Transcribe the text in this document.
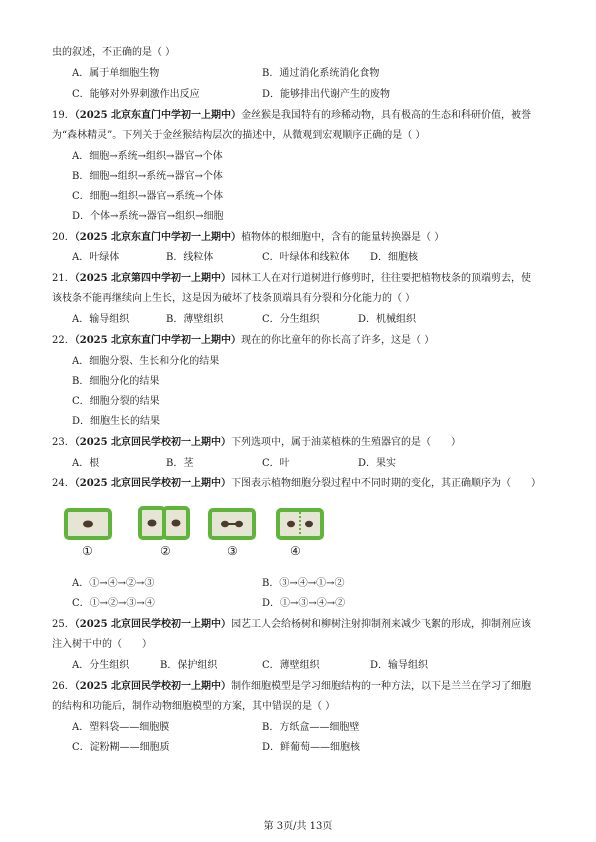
虫的叙述，不正确的是（ ）
A．属于单细胞生物	B．通过消化系统消化食物
C．能够对外界刺激作出反应	D．能够排出代谢产生的废物
19．（2025 北京东直门中学初一上期中）金丝猴是我国特有的珍稀动物，具有极高的生态和科研价值，被誉
为“森林精灵”。下列关于金丝猴结构层次的描述中，从微观到宏观顺序正确的是（ ）
A．细胞→系统→组织→器官→个体
B．细胞→组织→系统→器官→个体
C．细胞→组织→器官→系统→个体
D．个体→系统→器官→组织→细胞
20．（2025 北京东直门中学初一上期中）植物体的根细胞中，含有的能量转换器是（ ）
A．叶绿体	B．线粒体	C．叶绿体和线粒体 D．细胞核
21．（2025 北京第四中学初一上期中）园林工人在对行道树进行修剪时，往往要把植物枝条的顶端剪去，使
该枝条不能再继续向上生长，这是因为破坏了枝条顶端具有分裂和分化能力的（ ）
A．输导组织	B．薄壁组织	C．分生组织	D．机械组织
22．（2025 北京东直门中学初一上期中）现在的你比童年的你长高了许多，这是（ ）
A．细胞分裂、生长和分化的结果
B．细胞分化的结果
C．细胞分裂的结果
D．细胞生长的结果
23．（2025 北京回民学校初一上期中）下列选项中，属于油菜植株的生殖器官的是（　　）
A．根	B．茎	C．叶	D．果实
24．（2025 北京回民学校初一上期中）下图表示植物细胞分裂过程中不同时期的变化，其正确顺序为（　　）
①	②	③	④
A．①→④→②→③	B．③→④→①→②
C．①→②→③→④	D．①→③→④→②
25．（2025 北京回民学校初一上期中）园艺工人会给杨树和柳树注射抑制剂来减少飞絮的形成，抑制剂应该
注入树干中的（　　）
A．分生组织	B．保护组织	C．薄壁组织	D．输导组织
26．（2025 北京回民学校初一上期中）制作细胞模型是学习细胞结构的一种方法，以下是兰兰在学习了细胞
的结构和功能后，制作动物细胞模型的方案，其中错误的是（ ）
A．塑料袋——细胞膜	B．方纸盒——细胞壁
C．淀粉糊——细胞质	D．鲜葡萄——细胞核
第 3页/共 13页
